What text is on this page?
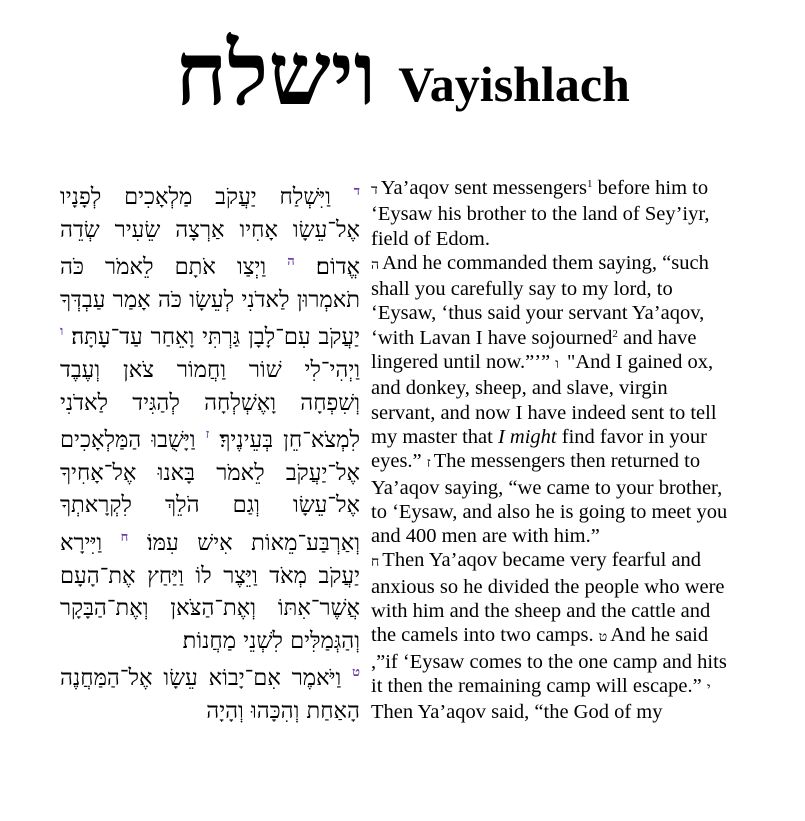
וישלח Vayishlach

$^ד$ וַיִּשְׁלַח יַעֲקֹב מַלְאָכִים לְפָנָיו אֶל־עֵשָׂו אָחִיו אַרְצָה שֵׂעִיר שְׂדֵה אֱדוֹם׃ $^ה$ וַיְצַו אֹתָם לֵאמֹר כֹּה תֹאמְרוּן לַאדֹנִי לְעֵשָׂו כֹּה אָמַר עַבְדְּךָ יַעֲקֹב עִם־לָבָן גַּרְתִּי וָאֵחַר עַד־עָתָּה׃ $^ו$ וַיְהִי־לִי שׁוֹר וַחֲמוֹר צֹאן וְעֶבֶד וְשִׁפְחָה וָאֶשְׁלְחָה לְהַגִּיד לַאדֹנִי לִמְצֹא־חֵן בְּעֵינֶיךָ׃ $^ז$ וַיָּשֻׁבוּ הַמַּלְאָכִים אֶל־יַעֲקֹב לֵאמֹר בָּאנוּ אֶל־אָחִיךָ אֶל־עֵשָׂו וְגַם הֹלֵךְ לִקְרָאתְךָ וְאַרְבַּע־מֵאוֹת אִישׁ עִמּוֹ׃ $^ח$ וַיִּירָא יַעֲקֹב מְאֹד וַיֵּצֶר לוֹ וַיַּחַץ אֶת־הָעָם אֲשֶׁר־אִתּוֹ וְאֶת־הַצֹּאן וְאֶת־הַבָּקָר וְהַגְּמַלִּים לִשְׁנֵי מַחֲנוֹת׃

$^ט$ וַיֹּאמֶר אִם־יָבוֹא עֵשָׂו אֶל־הַמַּחֲנֶה הָאַחַת וְהִכָּהוּ וְהָיָה

ד Ya’aqov sent messengers$^1$ before him to ‘Eysaw his brother to the land of Sey’iyr, field of Edom.

ה And he commanded them saying, “such shall you carefully say to my lord, to ‘Eysaw, ‘thus said your servant Ya’aqov, ‘with Lavan I have sojourned$^2$ and have lingered until now.”’” ו "And I gained ox, and donkey, sheep, and slave, virgin servant, and now I have indeed sent to tell my master that I might find favor in your eyes.” ז The messengers then returned to Ya’aqov saying, “we came to your brother, to ‘Eysaw, and also he is going to meet you and 400 men are with him.”

ח Then Ya’aqov became very fearful and anxious so he divided the people who were with him and the sheep and the cattle and the camels into two camps. ט And he said ,”if ‘Eysaw comes to the one camp and hits it then the remaining camp will escape.” י Then Ya’aqov said, “the God of my
